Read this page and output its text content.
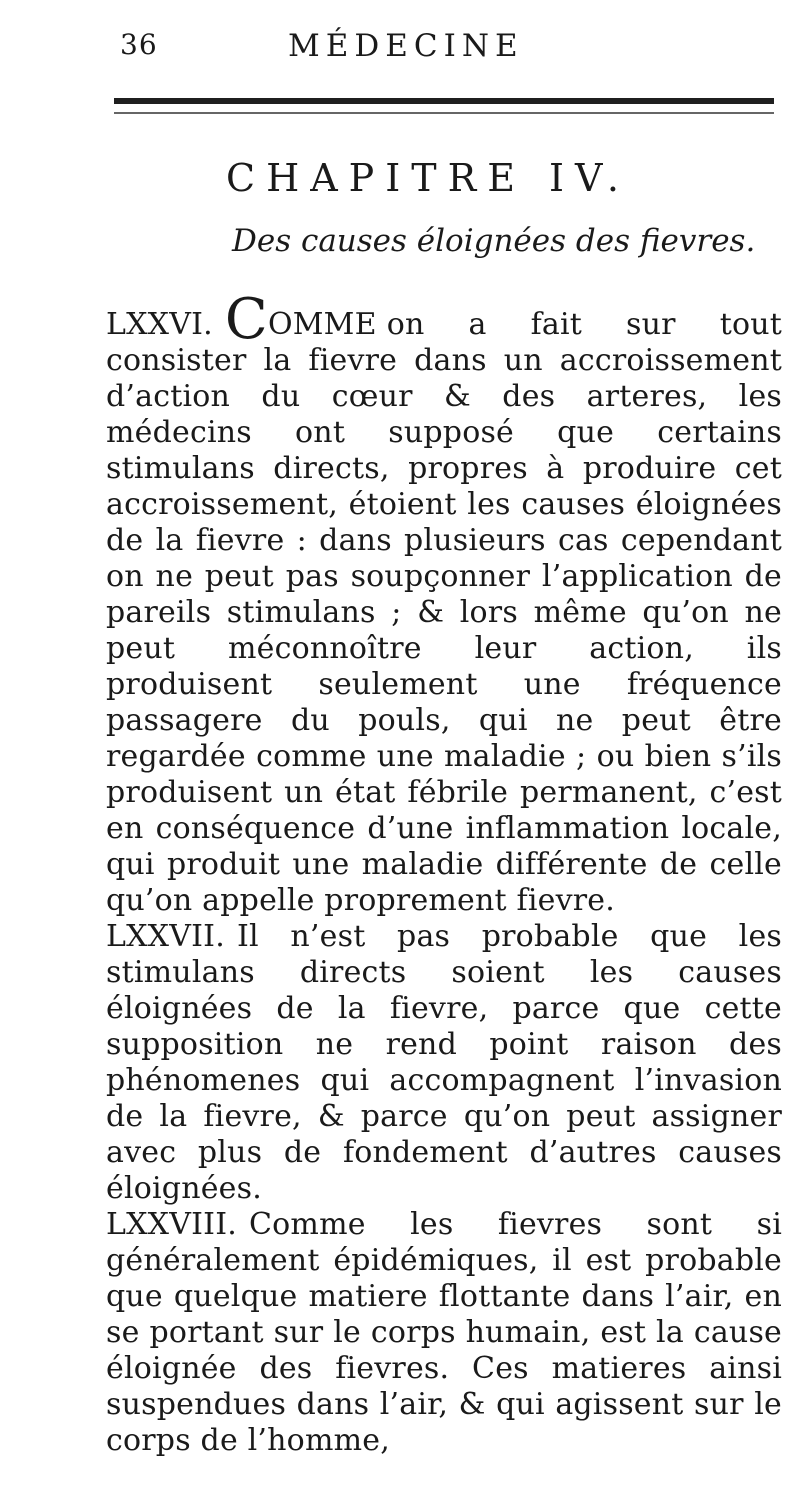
36	MÉDECINE
CHAPITRE IV.
Des causes éloignées des fievres.

LXXVI. COMME on a fait sur tout consister la fievre dans un accroissement d’action du cœur & des arteres, les médecins ont supposé que certains stimulans directs, propres à produire cet accroissement, étoient les causes éloignées de la fievre : dans plusieurs cas cependant on ne peut pas soupçonner l’application de pareils stimulans ; & lors même qu’on ne peut méconnoître leur action, ils produisent seulement une fréquence passagere du pouls, qui ne peut être regardée comme une maladie ; ou bien s’ils produisent un état fébrile permanent, c’est en conséquence d’une inflammation locale, qui produit une maladie différente de celle qu’on appelle proprement fievre.

LXXVII. Il n’est pas probable que les stimulans directs soient les causes éloignées de la fievre, parce que cette supposition ne rend point raison des phénomenes qui accompagnent l’invasion de la fievre, & parce qu’on peut assigner avec plus de fondement d’autres causes éloignées.

LXXVIII. Comme les fievres sont si généralement épidémiques, il est probable que quelque matiere flottante dans l’air, en se portant sur le corps humain, est la cause éloignée des fievres. Ces matieres ainsi suspendues dans l’air, & qui agissent sur le corps de l’homme,
